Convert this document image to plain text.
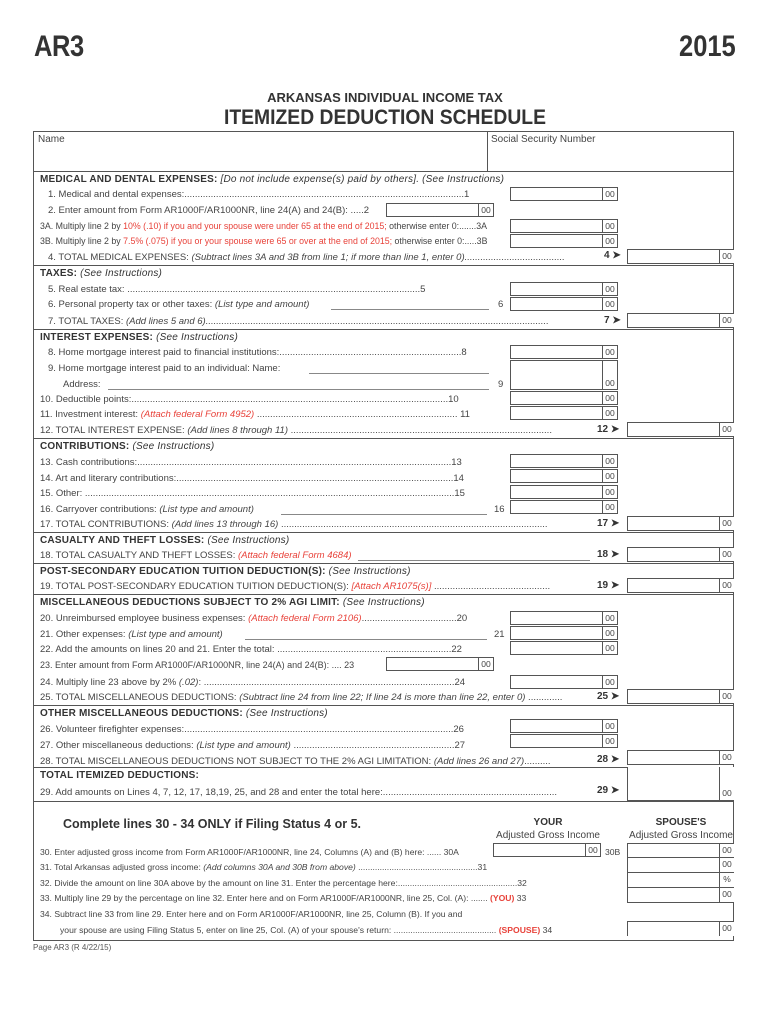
AR3	2015
ARKANSAS INDIVIDUAL INCOME TAX
ITEMIZED DEDUCTION SCHEDULE
Name	Social Security Number
MEDICAL AND DENTAL EXPENSES: [Do not include expense(s) paid by others]. (See Instructions)
1. Medical and dental expenses:..........................................................................................................1	00
2. Enter amount from Form AR1000F/AR1000NR, line 24(A) and 24(B): .....2	00
3A. Multiply line 2 by 10% (.10) if you and your spouse were under 65 at the end of 2015; otherwise enter 0:.......3A	00
3B. Multiply line 2 by 7.5% (.075) if you or your spouse were 65 or over at the end of 2015; otherwise enter 0:.....3B	00
4. TOTAL MEDICAL EXPENSES: (Subtract lines 3A and 3B from line 1; if more than line 1, enter 0)......................................	4 ➤	00
TAXES: (See Instructions)
5. Real estate tax: ...............................................................................................................5	00
6. Personal property tax or other taxes: (List type and amount)	6	00
7. TOTAL TAXES: (Add lines 5 and 6)..................................................................................................................................	7 ➤	00
INTEREST EXPENSES: (See Instructions)
8. Home mortgage interest paid to financial institutions:.....................................................................8	00
9. Home mortgage interest paid to an individual: Name:
Address:	9	00
10. Deductible points:........................................................................................................................10	00
11. Investment interest: (Attach federal Form 4952) ............................................................................ 11	00
12. TOTAL INTEREST EXPENSE: (Add lines 8 through 11) ...................................................................................................	12 ➤	00
CONTRIBUTIONS: (See Instructions)
13. Cash contributions:.......................................................................................................................13	00
14. Art and literary contributions:.........................................................................................................14	00
15. Other: ............................................................................................................................................15	00
16. Carryover contributions: (List type and amount)	16	00
17. TOTAL CONTRIBUTIONS: (Add lines 13 through 16) .....................................................................................................	17 ➤	00
CASUALTY AND THEFT LOSSES: (See Instructions)
18. TOTAL CASUALTY AND THEFT LOSSES: (Attach federal Form 4684)	18 ➤	00
POST-SECONDARY EDUCATION TUITION DEDUCTION(S): (See Instructions)
19. TOTAL POST-SECONDARY EDUCATION TUITION DEDUCTION(S): [Attach AR1075(s)] ............................................	19 ➤	00
MISCELLANEOUS DEDUCTIONS SUBJECT TO 2% AGI LIMIT: (See Instructions)
20. Unreimbursed employee business expenses: (Attach federal Form 2106)....................................20	00
21. Other expenses: (List type and amount)	21	00
22. Add the amounts on lines 20 and 21. Enter the total: ..................................................................22	00
23. Enter amount from Form AR1000F/AR1000NR, line 24(A) and 24(B): .... 23	00
24. Multiply line 23 above by 2% (.02): ...............................................................................................24	00
25. TOTAL MISCELLANEOUS DEDUCTIONS: (Subtract line 24 from line 22; If line 24 is more than line 22, enter 0) .............	25 ➤	00
OTHER MISCELLANEOUS DEDUCTIONS: (See Instructions)
26. Volunteer firefighter expenses:......................................................................................................26	00
27. Other miscellaneous deductions: (List type and amount) .............................................................27	00
28. TOTAL MISCELLANEOUS DEDUCTIONS NOT SUBJECT TO THE 2% AGI LIMITATION: (Add lines 26 and 27)..........	28 ➤	00
TOTAL ITEMIZED DEDUCTIONS:
29. Add amounts on Lines 4, 7, 12, 17, 18,19, 25, and 28 and enter the total here:..................................................................	29 ➤	00
Complete lines 30 - 34 ONLY if Filing Status 4 or 5.	YOUR
Adjusted Gross Income
SPOUSE'S
Adjusted Gross Income
30. Enter adjusted gross income from Form AR1000F/AR1000NR, line 24, Columns (A) and (B) here: ...... 30A	00 30B	00
31. Total Arkansas adjusted gross income: (Add columns 30A and 30B from above) ..................................................31	00
32. Divide the amount on line 30A above by the amount on line 31. Enter the percentage here:..................................................32	%
33. Multiply line 29 by the percentage on line 32. Enter here and on Form AR1000F/AR1000NR, line 25, Col. (A): ....... (YOU) 33	00
34. Subtract line 33 from line 29. Enter here and on Form AR1000F/AR1000NR, line 25, Column (B). If you and
your spouse are using Filing Status 5, enter on line 25, Col. (A) of your spouse's return: ........................................... (SPOUSE) 34	00
Page AR3 (R 4/22/15)
